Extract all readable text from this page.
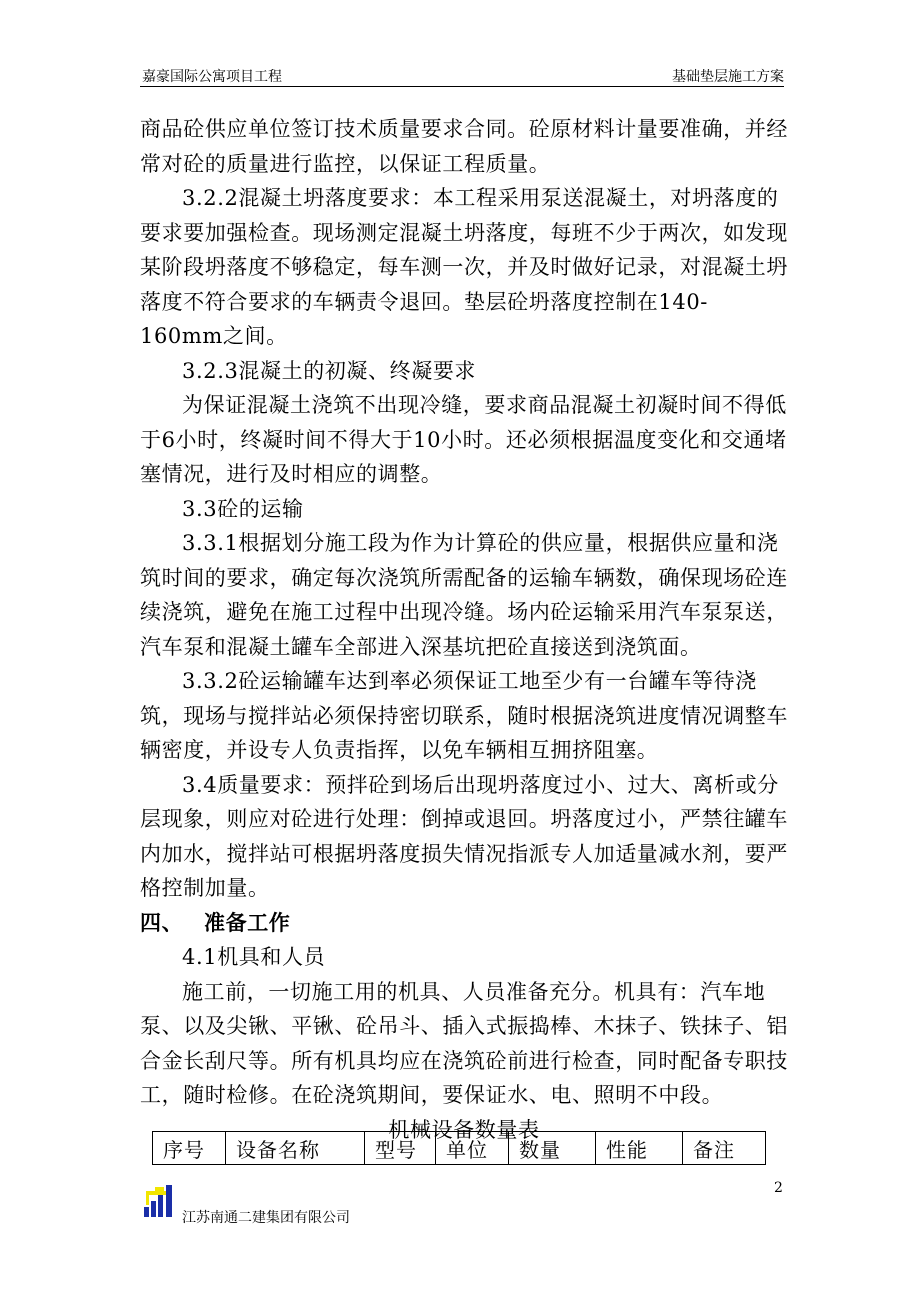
嘉豪国际公寓项目工程	基础垫层施工方案

商品砼供应单位签订技术质量要求合同。砼原材料计量要准确，并经常对砼的质量进行监控，以保证工程质量。

3.2.2混凝土坍落度要求：本工程采用泵送混凝土，对坍落度的要求要加强检查。现场测定混凝土坍落度，每班不少于两次，如发现某阶段坍落度不够稳定，每车测一次，并及时做好记录，对混凝土坍落度不符合要求的车辆责令退回。垫层砼坍落度控制在140-160mm之间。

3.2.3混凝土的初凝、终凝要求

为保证混凝土浇筑不出现冷缝，要求商品混凝土初凝时间不得低于6小时，终凝时间不得大于10小时。还必须根据温度变化和交通堵塞情况，进行及时相应的调整。

3.3砼的运输

3.3.1根据划分施工段为作为计算砼的供应量，根据供应量和浇筑时间的要求，确定每次浇筑所需配备的运输车辆数，确保现场砼连续浇筑，避免在施工过程中出现冷缝。场内砼运输采用汽车泵泵送，汽车泵和混凝土罐车全部进入深基坑把砼直接送到浇筑面。

3.3.2砼运输罐车达到率必须保证工地至少有一台罐车等待浇筑，现场与搅拌站必须保持密切联系，随时根据浇筑进度情况调整车辆密度，并设专人负责指挥，以免车辆相互拥挤阻塞。

3.4质量要求：预拌砼到场后出现坍落度过小、过大、离析或分层现象，则应对砼进行处理：倒掉或退回。坍落度过小，严禁往罐车内加水，搅拌站可根据坍落度损失情况指派专人加适量减水剂，要严格控制加量。

四、 准备工作

4.1机具和人员

施工前，一切施工用的机具、人员准备充分。机具有：汽车地泵、以及尖锹、平锹、砼吊斗、插入式振捣棒、木抹子、铁抹子、铝合金长刮尺等。所有机具均应在浇筑砼前进行检查，同时配备专职技工，随时检修。在砼浇筑期间，要保证水、电、照明不中段。

机械设备数量表

序号	设备名称	型号	单位	数量	性能	备注
2
江苏南通二建集团有限公司
